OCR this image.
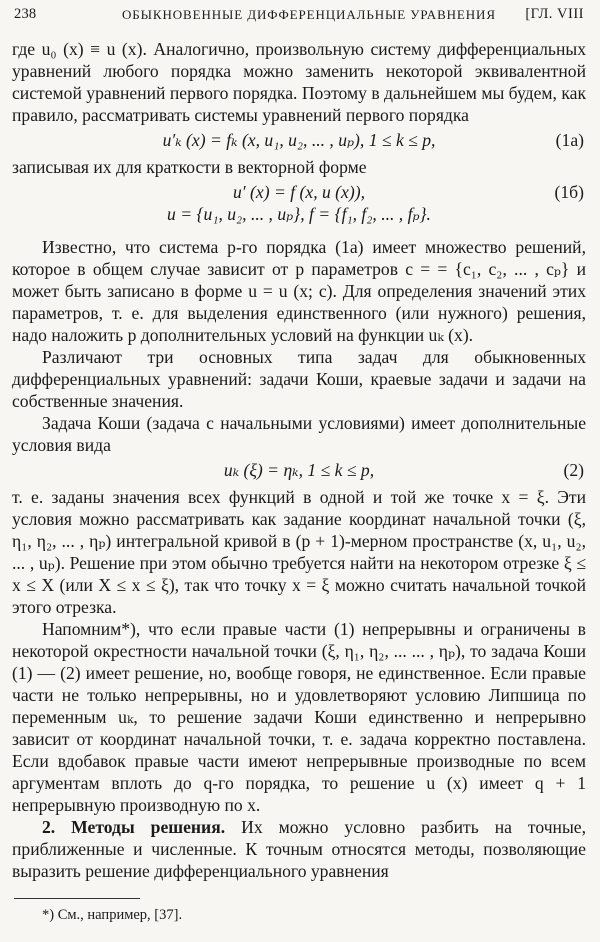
238	ОБЫКНОВЕННЫЕ ДИФФЕРЕНЦИАЛЬНЫЕ УРАВНЕНИЯ [ГЛ. VIII

где u₀ (x) ≡ u (x). Аналогично, произвольную систему дифференциальных уравнений любого порядка можно заменить некоторой эквивалентной системой уравнений первого порядка. Поэтому в дальнейшем мы будем, как правило, рассматривать системы уравнений первого порядка

u′ₖ (x) = fₖ (x, u₁, u₂, ... , uₚ), 1 ≤ k ≤ p,	(1а)

записывая их для краткости в векторной форме

u′ (x) = f (x, u (x)),	(1б)
u = {u₁, u₂, ... , uₚ}, f = {f₁, f₂, ... , fₚ}.

Известно, что система p-го порядка (1a) имеет множество решений, которое в общем случае зависит от p параметров c = = {c₁, c₂, ... , cₚ} и может быть записано в форме u = u (x; c). Для определения значений этих параметров, т. е. для выделения единственного (или нужного) решения, надо наложить p дополнительных условий на функции uₖ (x).

Различают три основных типа задач для обыкновенных дифференциальных уравнений: задачи Коши, краевые задачи и задачи на собственные значения.

Задача Коши (задача с начальными условиями) имеет дополнительные условия вида

uₖ (ξ) = ηₖ, 1 ≤ k ≤ p,	(2)

т. е. заданы значения всех функций в одной и той же точке x = ξ. Эти условия можно рассматривать как задание координат начальной точки (ξ, η₁, η₂, ... , ηₚ) интегральной кривой в (p + 1)-мерном пространстве (x, u₁, u₂, ... , uₚ). Решение при этом обычно требуется найти на некотором отрезке ξ ≤ x ≤ X (или X ≤ x ≤ ξ), так что точку x = ξ можно считать начальной точкой этого отрезка.

Напомним*), что если правые части (1) непрерывны и ограничены в некоторой окрестности начальной точки (ξ, η₁, η₂, ... ... , ηₚ), то задача Коши (1) — (2) имеет решение, но, вообще говоря, не единственное. Если правые части не только непрерывны, но и удовлетворяют условию Липшица по переменным uₖ, то решение задачи Коши единственно и непрерывно зависит от координат начальной точки, т. е. задача корректно поставлена. Если вдобавок правые части имеют непрерывные производные по всем аргументам вплоть до q-го порядка, то решение u (x) имеет q + 1 непрерывную производную по x.

2. Методы решения. Их можно условно разбить на точные, приближенные и численные. К точным относятся методы, позволяющие выразить решение дифференциального уравнения

*) См., например, [37].
